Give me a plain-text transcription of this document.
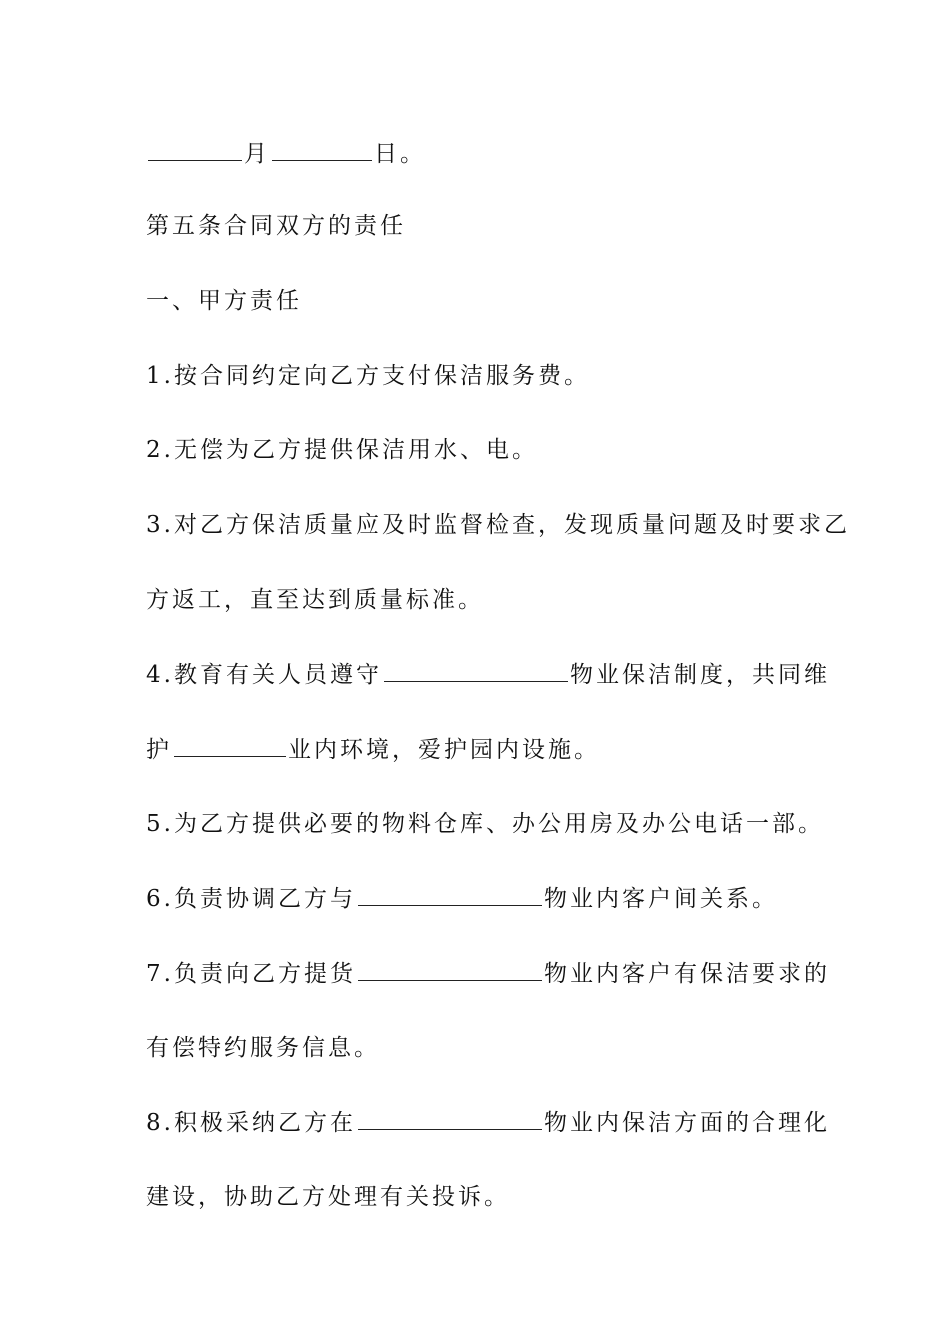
月	日。
第五条合同双方的责任
一、甲方责任
1.按合同约定向乙方支付保洁服务费。
2.无偿为乙方提供保洁用水、电。
3.对乙方保洁质量应及时监督检查，发现质量问题及时要求乙
方返工，直至达到质量标准。
4.教育有关人员遵守	物业保洁制度，共同维
护	业内环境，爱护园内设施。
5.为乙方提供必要的物料仓库、办公用房及办公电话一部。
6.负责协调乙方与	物业内客户间关系。
7.负责向乙方提货	物业内客户有保洁要求的
有偿特约服务信息。
8.积极采纳乙方在	物业内保洁方面的合理化
建设，协助乙方处理有关投诉。
